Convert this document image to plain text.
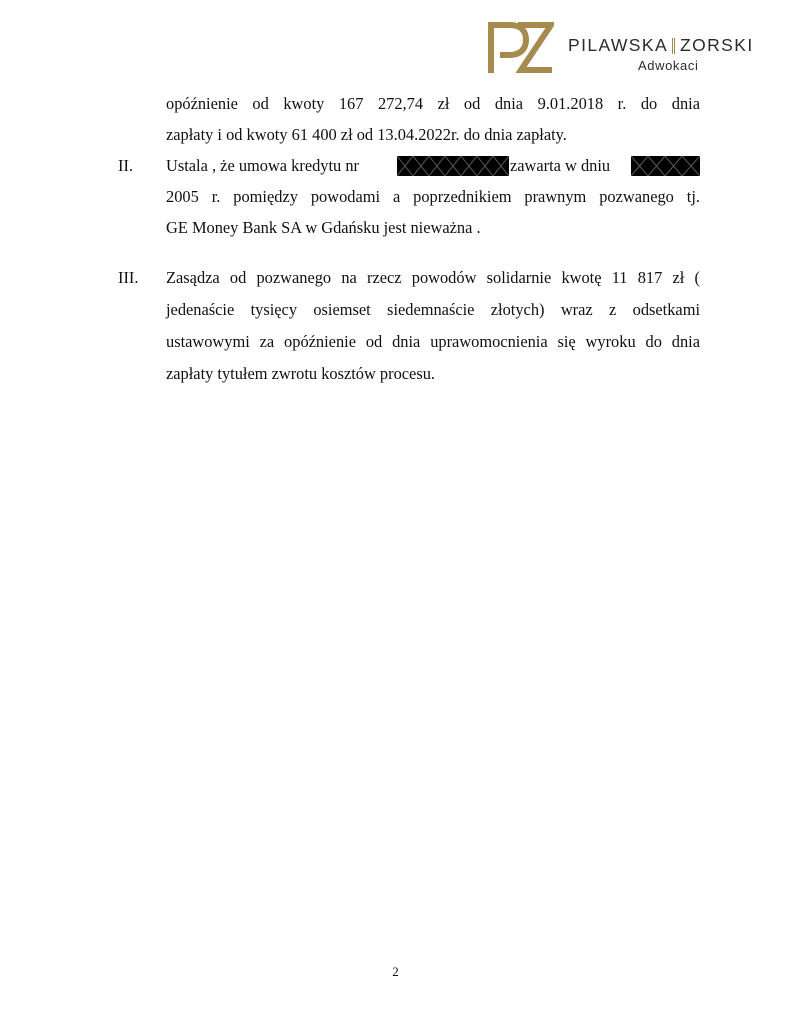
PILAWSKA ZORSKI
Adwokaci
opóźnienie od kwoty 167 272,74 zł od dnia 9.01.2018 r. do dnia
zapłaty i od kwoty 61 400 zł od 13.04.2022r. do dnia zapłaty.
II. Ustala , że umowa kredytu nr	zawarta w dniu
2005 r. pomiędzy powodami a poprzednikiem prawnym pozwanego tj.
GE Money Bank SA w Gdańsku jest nieważna .
III. Zasądza od pozwanego na rzecz powodów solidarnie kwotę 11 817 zł (
jedenaście tysięcy osiemset siedemnaście złotych) wraz z odsetkami
ustawowymi za opóźnienie od dnia uprawomocnienia się wyroku do dnia
zapłaty tytułem zwrotu kosztów procesu.
2
